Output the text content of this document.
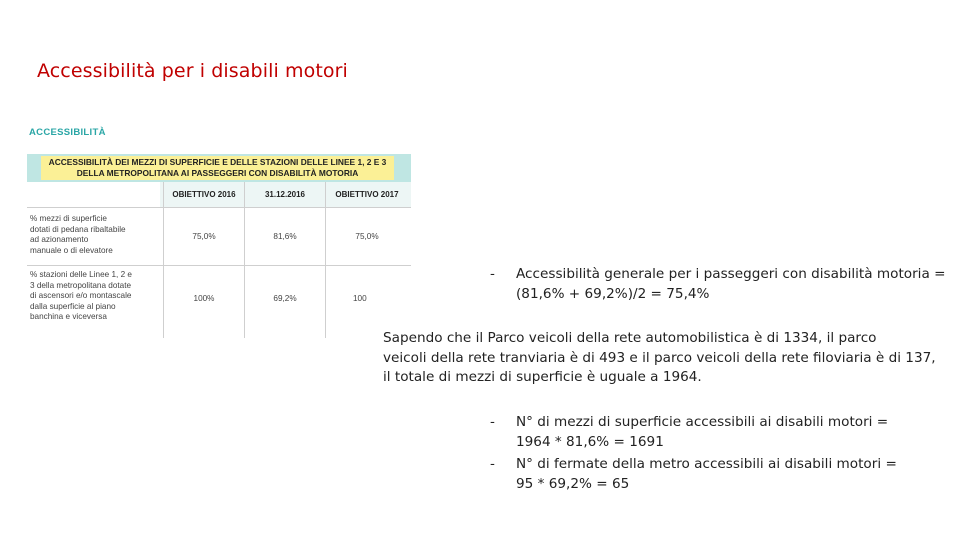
Accessibilità per i disabili motori
ACCESSIBILITÀ
ACCESSIBILITÀ DEI MEZZI DI SUPERFICIE E DELLE STAZIONI DELLE LINEE 1, 2 E 3
DELLA METROPOLITANA AI PASSEGGERI CON DISABILITÀ MOTORIA
OBIETTIVO 2016	31.12.2016	OBIETTIVO 2017
% mezzi di superficie
dotati di pedana ribaltabile
ad azionamento
manuale o di elevatore
75,0%	81,6%	75,0%
% stazioni delle Linee 1, 2 e
3 della metropolitana dotate
di ascensori e/o montascale
dalla superficie al piano
banchina e viceversa
100%	69,2%	100
- Accessibilità generale per i passeggeri con disabilità motoria =
(81,6% + 69,2%)/2 = 75,4%
Sapendo che il Parco veicoli della rete automobilistica è di 1334, il parco
veicoli della rete tranviaria è di 493 e il parco veicoli della rete filoviaria è di 137,
il totale di mezzi di superficie è uguale a 1964.
- N° di mezzi di superficie accessibili ai disabili motori =
1964 * 81,6% = 1691
- N° di fermate della metro accessibili ai disabili motori =
95 * 69,2% = 65
